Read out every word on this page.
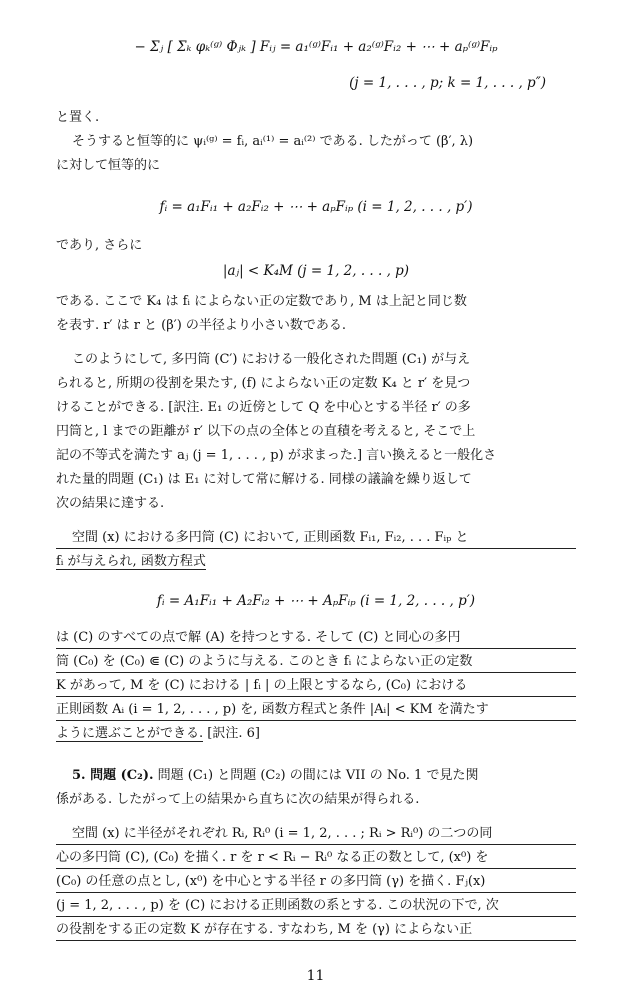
− Σⱼ [ Σₖ φₖ⁽ᵍ⁾ Φⱼₖ ] Fᵢⱼ = a₁⁽ᵍ⁾Fᵢ₁ + a₂⁽ᵍ⁾Fᵢ₂ + ⋯ + aₚ⁽ᵍ⁾Fᵢₚ
(j = 1, . . . , p; k = 1, . . . , p″)
と置く.
そうすると恒等的に ψᵢ⁽ᵍ⁾ = fᵢ, aᵢ⁽¹⁾ = aᵢ⁽²⁾ である. したがって (β′, λ)
に対して恒等的に
fᵢ = a₁Fᵢ₁ + a₂Fᵢ₂ + ⋯ + aₚFᵢₚ (i = 1, 2, . . . , p′)
であり, さらに
|aⱼ| < K₄M (j = 1, 2, . . . , p)
である. ここで K₄ は fᵢ によらない正の定数であり, M は上記と同じ数
を表す. r′ は r と (β′) の半径より小さい数である.
このようにして, 多円筒 (C′) における一般化された問題 (C₁) が与え
られると, 所期の役割を果たす, (f) によらない正の定数 K₄ と r′ を見つ
けることができる. [訳注. E₁ の近傍として Q を中心とする半径 r′ の多
円筒と, l までの距離が r′ 以下の点の全体との直積を考えると, そこで上
記の不等式を満たす aⱼ (j = 1, . . . , p) が求まった.] 言い換えると一般化さ
れた量的問題 (C₁) は E₁ に対して常に解ける. 同様の議論を繰り返して
次の結果に達する.
空間 (x) における多円筒 (C) において, 正則函数 Fᵢ₁, Fᵢ₂, . . . Fᵢₚ と
fᵢ が与えられ, 函数方程式
fᵢ = A₁Fᵢ₁ + A₂Fᵢ₂ + ⋯ + AₚFᵢₚ (i = 1, 2, . . . , p′)
は (C) のすべての点で解 (A) を持つとする. そして (C) と同心の多円
筒 (C₀) を (C₀) ⋐ (C) のように与える. このとき fᵢ によらない正の定数
K があって, M を (C) における | fᵢ | の上限とするなら, (C₀) における
正則函数 Aᵢ (i = 1, 2, . . . , p) を, 函数方程式と条件 |Aᵢ| < KM を満たす
ように選ぶことができる. [訳注. 6]
5. 問題 (C₂). 問題 (C₁) と問題 (C₂) の間には VII の No. 1 で見た関
係がある. したがって上の結果から直ちに次の結果が得られる.
空間 (x) に半径がそれぞれ Rᵢ, Rᵢ⁰ (i = 1, 2, . . . ; Rᵢ > Rᵢ⁰) の二つの同
心の多円筒 (C), (C₀) を描く. r を r < Rᵢ − Rᵢ⁰ なる正の数として, (x⁰) を
(C₀) の任意の点とし, (x⁰) を中心とする半径 r の多円筒 (γ) を描く. Fⱼ(x)
(j = 1, 2, . . . , p) を (C) における正則函数の系とする. この状況の下で, 次
の役割をする正の定数 K が存在する. すなわち, M を (γ) によらない正
11
